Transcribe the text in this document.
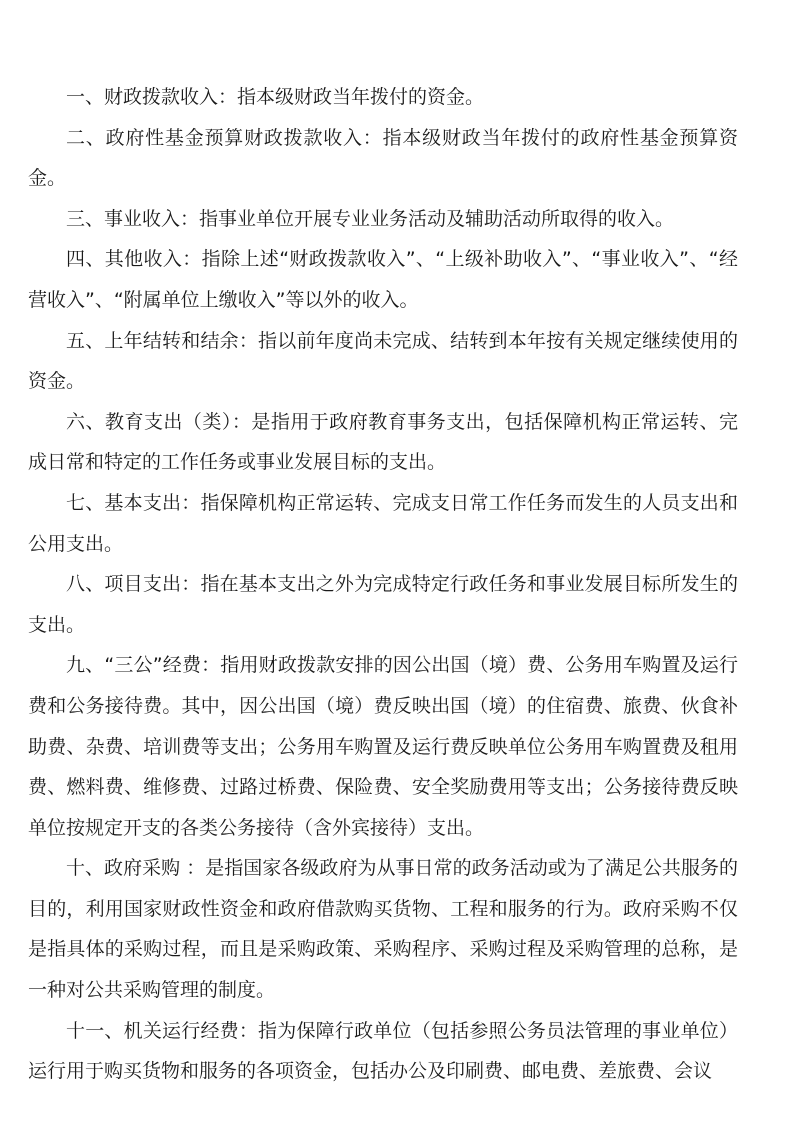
一、财政拨款收入：指本级财政当年拨付的资金。

二、政府性基金预算财政拨款收入：指本级财政当年拨付的政府性基金预算资金。

三、事业收入：指事业单位开展专业业务活动及辅助活动所取得的收入。

四、其他收入：指除上述“财政拨款收入”、“上级补助收入”、“事业收入”、“经营收入”、“附属单位上缴收入”等以外的收入。

五、上年结转和结余：指以前年度尚未完成、结转到本年按有关规定继续使用的资金。

六、教育支出（类）：是指用于政府教育事务支出，包括保障机构正常运转、完成日常和特定的工作任务或事业发展目标的支出。

七、基本支出：指保障机构正常运转、完成支日常工作任务而发生的人员支出和公用支出。

八、项目支出：指在基本支出之外为完成特定行政任务和事业发展目标所发生的支出。

九、“三公”经费：指用财政拨款安排的因公出国（境）费、公务用车购置及运行费和公务接待费。其中，因公出国（境）费反映出国（境）的住宿费、旅费、伙食补助费、杂费、培训费等支出；公务用车购置及运行费反映单位公务用车购置费及租用费、燃料费、维修费、过路过桥费、保险费、安全奖励费用等支出；公务接待费反映单位按规定开支的各类公务接待（含外宾接待）支出。

十、政府采购 ：是指国家各级政府为从事日常的政务活动或为了满足公共服务的目的，利用国家财政性资金和政府借款购买货物、工程和服务的行为。政府采购不仅是指具体的采购过程，而且是采购政策、采购程序、采购过程及采购管理的总称，是一种对公共采购管理的制度。

十一、机关运行经费：指为保障行政单位（包括参照公务员法管理的事业单位）运行用于购买货物和服务的各项资金，包括办公及印刷费、邮电费、差旅费、会议
